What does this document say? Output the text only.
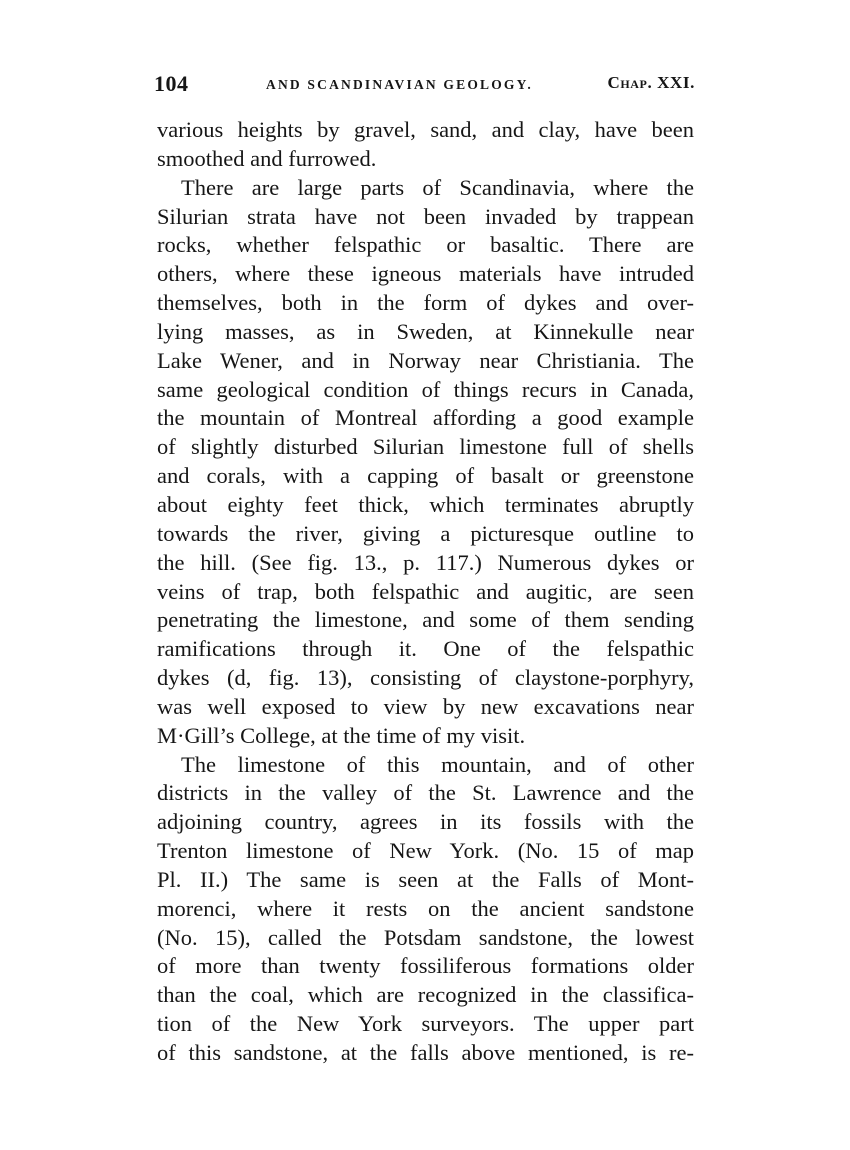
104	AND SCANDINAVIAN GEOLOGY.	Chap. XXI.
various heights by gravel, sand, and clay, have been
smoothed and furrowed.
There are large parts of Scandinavia, where the
Silurian strata have not been invaded by trappean
rocks, whether felspathic or basaltic. There are
others, where these igneous materials have intruded
themselves, both in the form of dykes and over-
lying masses, as in Sweden, at Kinnekulle near
Lake Wener, and in Norway near Christiania. The
same geological condition of things recurs in Canada,
the mountain of Montreal affording a good example
of slightly disturbed Silurian limestone full of shells
and corals, with a capping of basalt or greenstone
about eighty feet thick, which terminates abruptly
towards the river, giving a picturesque outline to
the hill. (See fig. 13., p. 117.) Numerous dykes or
veins of trap, both felspathic and augitic, are seen
penetrating the limestone, and some of them sending
ramifications through it. One of the felspathic
dykes (d, fig. 13), consisting of claystone-porphyry,
was well exposed to view by new excavations near
M·Gill’s College, at the time of my visit.
The limestone of this mountain, and of other
districts in the valley of the St. Lawrence and the
adjoining country, agrees in its fossils with the
Trenton limestone of New York. (No. 15 of map
Pl. II.) The same is seen at the Falls of Mont-
morenci, where it rests on the ancient sandstone
(No. 15), called the Potsdam sandstone, the lowest
of more than twenty fossiliferous formations older
than the coal, which are recognized in the classifica-
tion of the New York surveyors. The upper part
of this sandstone, at the falls above mentioned, is re-
